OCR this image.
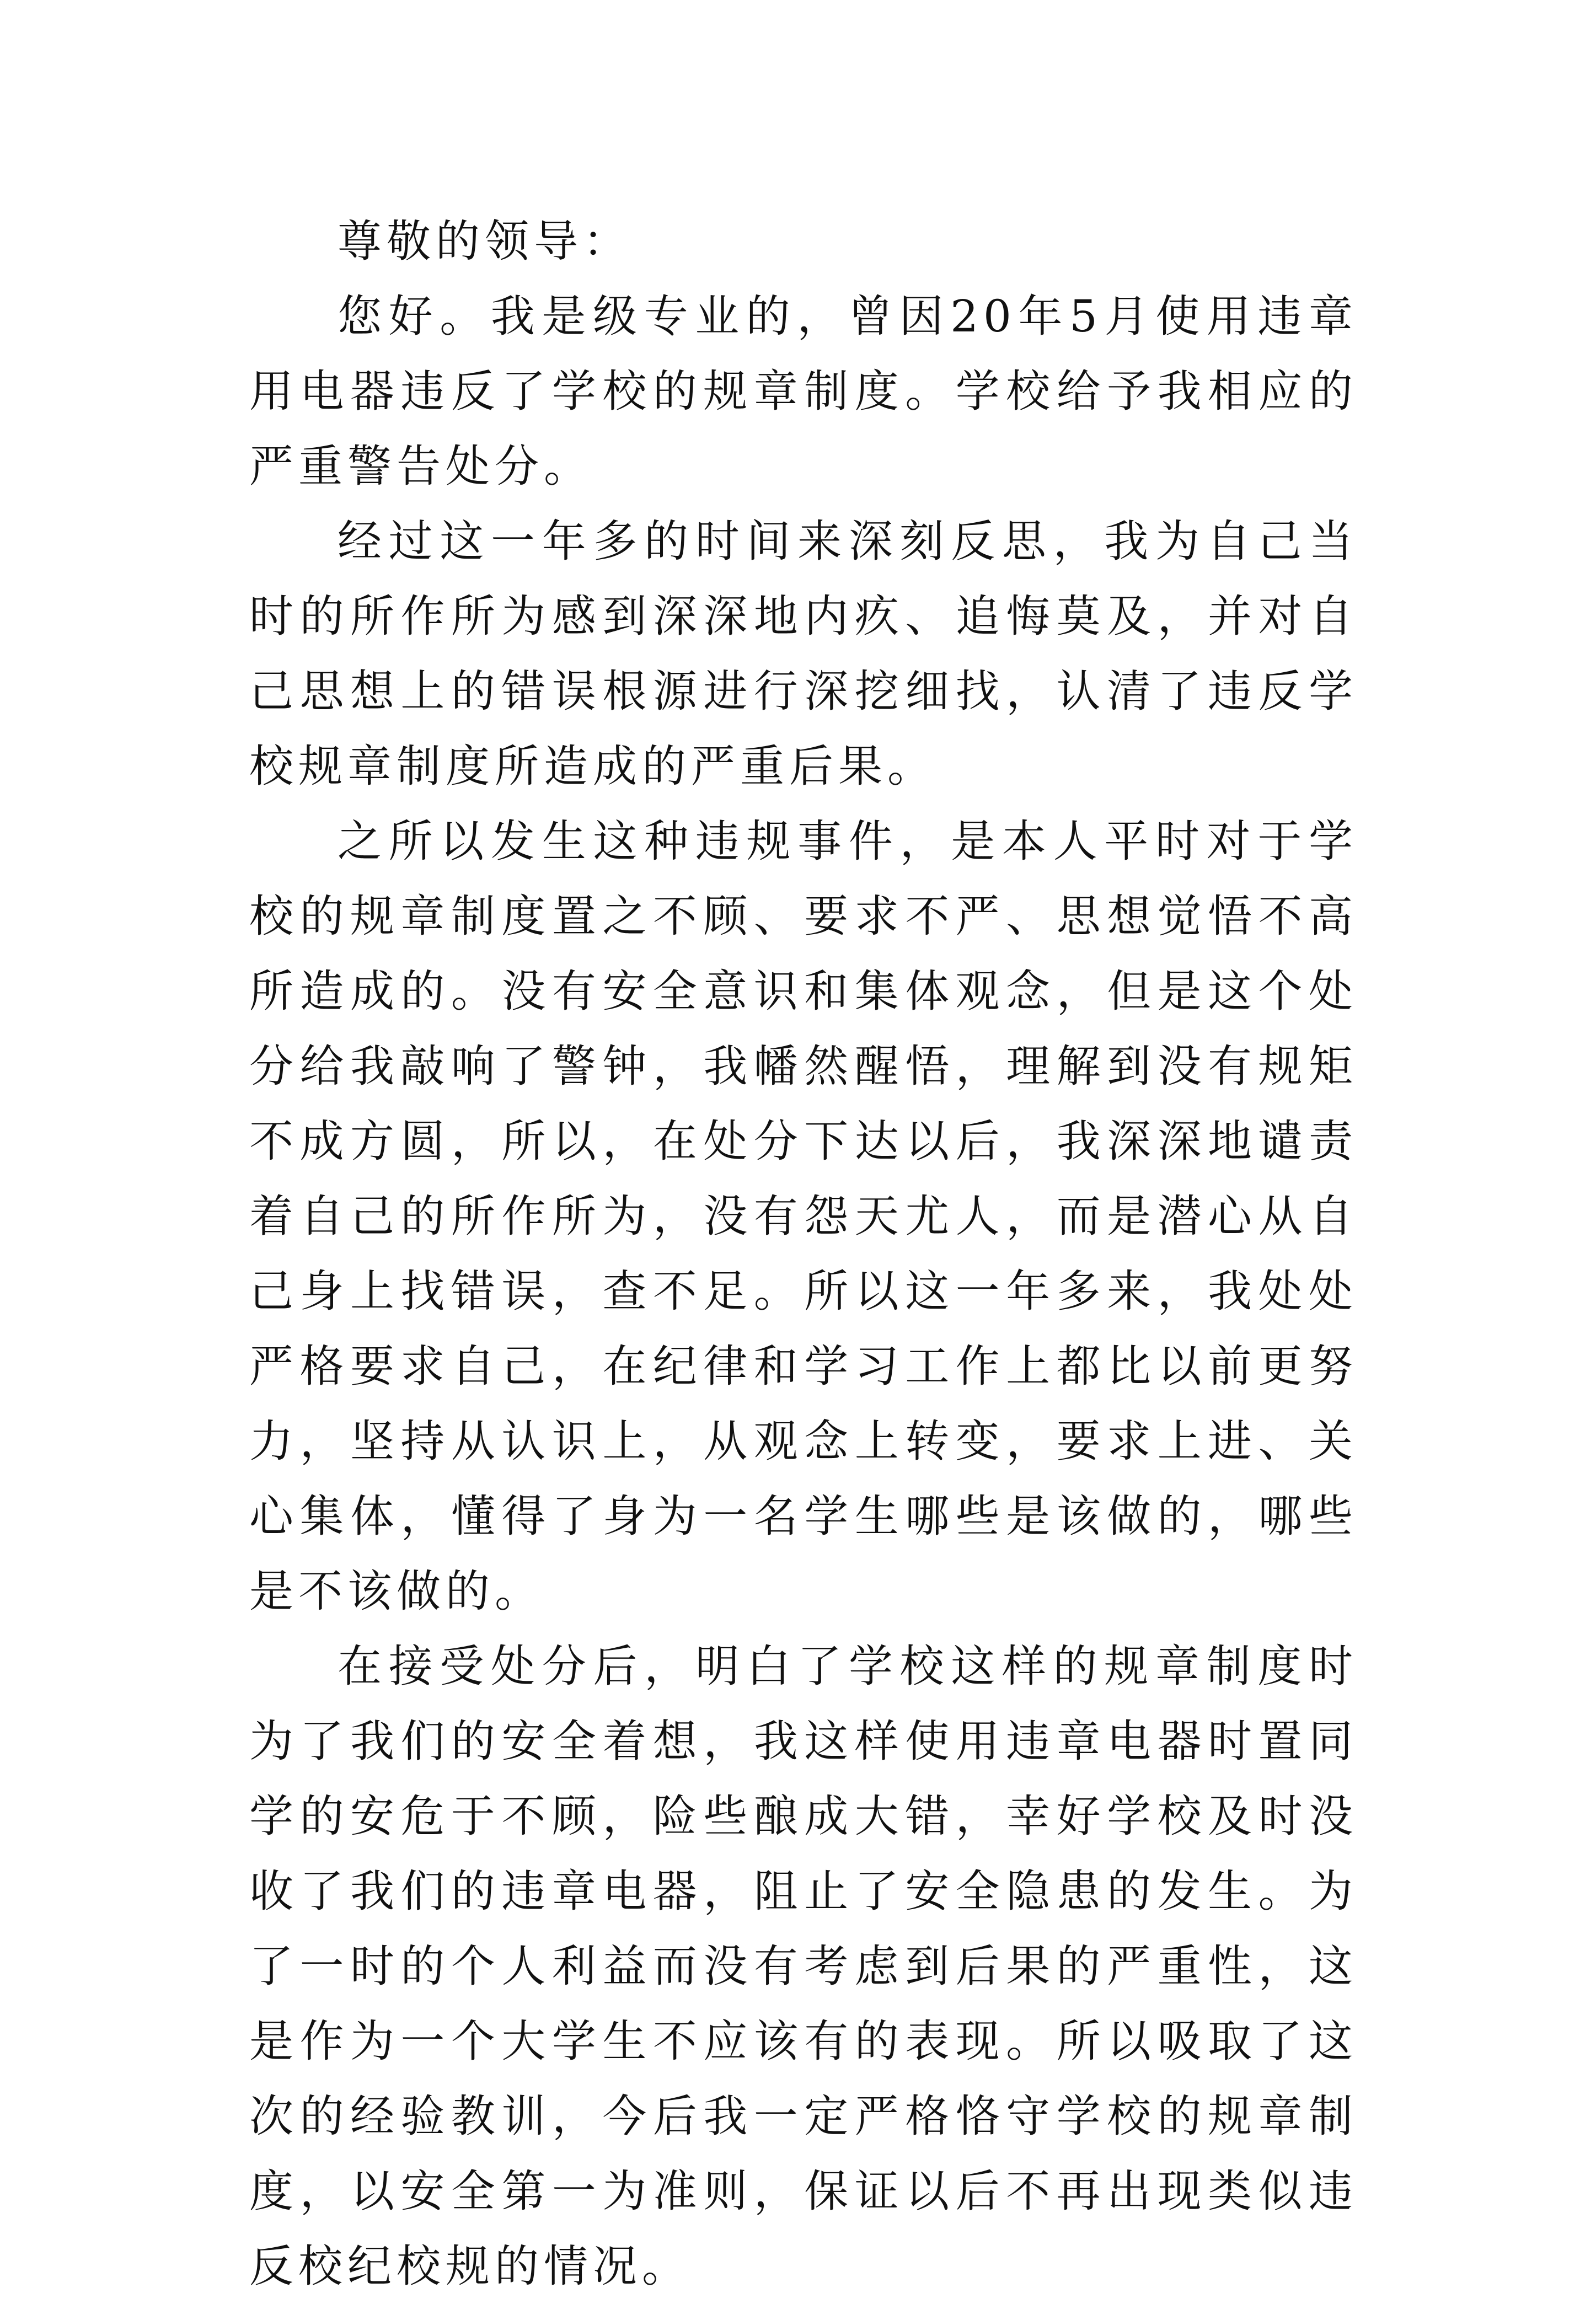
尊敬的领导：

您好。我是级专业的，曾因20年5月使用违章用电器违反了学校的规章制度。学校给予我相应的严重警告处分。

经过这一年多的时间来深刻反思，我为自己当时的所作所为感到深深地内疚、追悔莫及，并对自己思想上的错误根源进行深挖细找，认清了违反学校规章制度所造成的严重后果。

之所以发生这种违规事件，是本人平时对于学校的规章制度置之不顾、要求不严、思想觉悟不高所造成的。没有安全意识和集体观念，但是这个处分给我敲响了警钟，我幡然醒悟，理解到没有规矩不成方圆，所以，在处分下达以后，我深深地谴责着自己的所作所为，没有怨天尤人，而是潜心从自己身上找错误，查不足。所以这一年多来，我处处严格要求自己，在纪律和学习工作上都比以前更努力，坚持从认识上，从观念上转变，要求上进、关心集体，懂得了身为一名学生哪些是该做的，哪些是不该做的。

在接受处分后，明白了学校这样的规章制度时为了我们的安全着想，我这样使用违章电器时置同学的安危于不顾，险些酿成大错，幸好学校及时没收了我们的违章电器，阻止了安全隐患的发生。为了一时的个人利益而没有考虑到后果的严重性，这是作为一个大学生不应该有的表现。所以吸取了这次的经验教训，今后我一定严格恪守学校的规章制度，以安全第一为准则，保证以后不再出现类似违反校纪校规的情况。
